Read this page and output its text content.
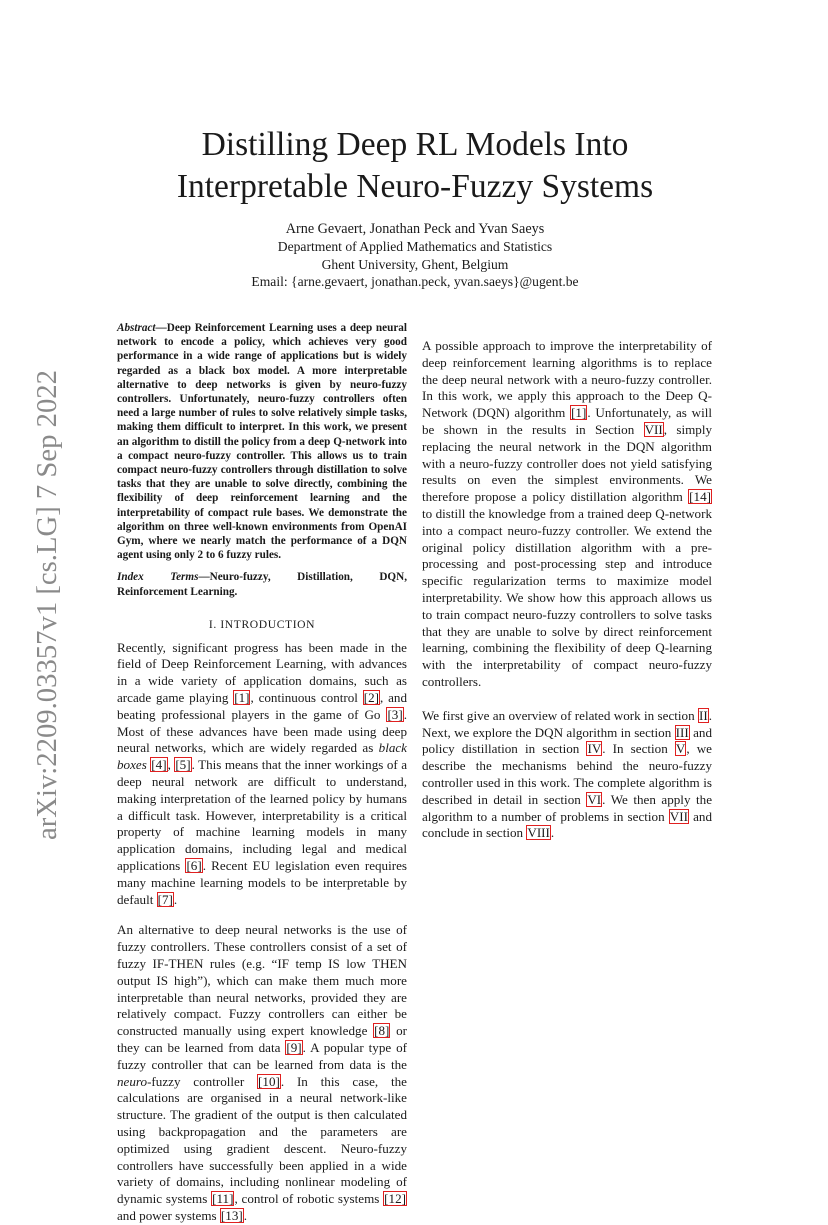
arXiv:2209.03357v1 [cs.LG] 7 Sep 2022
Distilling Deep RL Models Into
Interpretable Neuro-Fuzzy Systems
Arne Gevaert, Jonathan Peck and Yvan Saeys
Department of Applied Mathematics and Statistics
Ghent University, Ghent, Belgium
Email: {arne.gevaert, jonathan.peck, yvan.saeys}@ugent.be

Abstract—Deep Reinforcement Learning uses a deep neural network to encode a policy, which achieves very good performance in a wide range of applications but is widely regarded as a black box model. A more interpretable alternative to deep networks is given by neuro-fuzzy controllers. Unfortunately, neuro-fuzzy controllers often need a large number of rules to solve relatively simple tasks, making them difficult to interpret. In this work, we present an algorithm to distill the policy from a deep Q-network into a compact neuro-fuzzy controller. This allows us to train compact neuro-fuzzy controllers through distillation to solve tasks that they are unable to solve directly, combining the flexibility of deep reinforcement learning and the interpretability of compact rule bases. We demonstrate the algorithm on three well-known environments from OpenAI Gym, where we nearly match the performance of a DQN agent using only 2 to 6 fuzzy rules.

Index Terms—Neuro-fuzzy, Distillation, DQN, Reinforcement Learning.

I. INTRODUCTION

Recently, significant progress has been made in the field of Deep Reinforcement Learning, with advances in a wide variety of application domains, such as arcade game playing [1], continuous control [2], and beating professional players in the game of Go [3]. Most of these advances have been made using deep neural networks, which are widely regarded as black boxes [4], [5]. This means that the inner workings of a deep neural network are difficult to understand, making interpretation of the learned policy by humans a difficult task. However, interpretability is a critical property of machine learning models in many application domains, including legal and medical applications [6]. Recent EU legislation even requires many machine learning models to be interpretable by default [7].

An alternative to deep neural networks is the use of fuzzy controllers. These controllers consist of a set of fuzzy IF-THEN rules (e.g. “IF temp IS low THEN output IS high”), which can make them much more interpretable than neural networks, provided they are relatively compact. Fuzzy controllers can either be constructed manually using expert knowledge [8] or they can be learned from data [9]. A popular type of fuzzy controller that can be learned from data is the neuro-fuzzy controller [10]. In this case, the calculations are organised in a neural network-like structure. The gradient of the output is then calculated using backpropagation and the parameters are optimized using gradient descent. Neuro-fuzzy controllers have successfully been applied in a wide variety of domains, including nonlinear modeling of dynamic systems [11], control of robotic systems [12] and power systems [13].

A possible approach to improve the interpretability of deep reinforcement learning algorithms is to replace the deep neural network with a neuro-fuzzy controller. In this work, we apply this approach to the Deep Q-Network (DQN) algorithm [1]. Unfortunately, as will be shown in the results in Section VII, simply replacing the neural network in the DQN algorithm with a neuro-fuzzy controller does not yield satisfying results on even the simplest environments. We therefore propose a policy distillation algorithm [14] to distill the knowledge from a trained deep Q-network into a compact neuro-fuzzy controller. We extend the original policy distillation algorithm with a pre-processing and post-processing step and introduce specific regularization terms to maximize model interpretability. We show how this approach allows us to train compact neuro-fuzzy controllers to solve tasks that they are unable to solve by direct reinforcement learning, combining the flexibility of deep Q-learning with the interpretability of compact neuro-fuzzy controllers.

We first give an overview of related work in section II. Next, we explore the DQN algorithm in section III and policy distillation in section IV. In section V, we describe the mechanisms behind the neuro-fuzzy controller used in this work. The complete algorithm is described in detail in section VI. We then apply the algorithm to a number of problems in section VII and conclude in section VIII.
